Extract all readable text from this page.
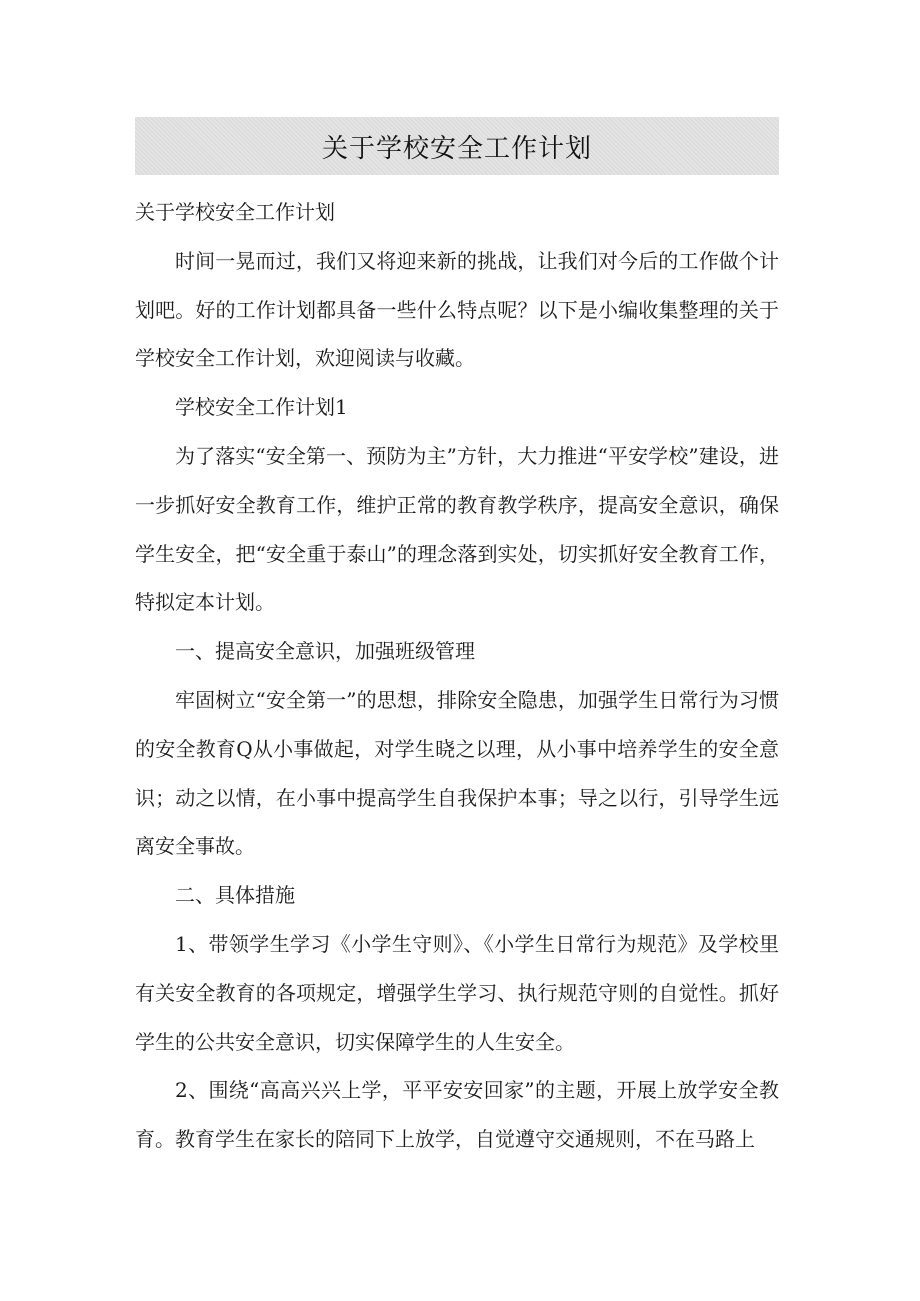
关于学校安全工作计划

关于学校安全工作计划

时间一晃而过，我们又将迎来新的挑战，让我们对今后的工作做个计划吧。好的工作计划都具备一些什么特点呢？以下是小编收集整理的关于学校安全工作计划，欢迎阅读与收藏。

学校安全工作计划1

为了落实“安全第一、预防为主”方针，大力推进“平安学校”建设，进一步抓好安全教育工作，维护正常的教育教学秩序，提高安全意识，确保学生安全，把“安全重于泰山”的理念落到实处，切实抓好安全教育工作，特拟定本计划。

一、提高安全意识，加强班级管理

牢固树立“安全第一”的思想，排除安全隐患，加强学生日常行为习惯的安全教育Q从小事做起，对学生晓之以理，从小事中培养学生的安全意识；动之以情，在小事中提高学生自我保护本事；导之以行，引导学生远离安全事故。

二、具体措施

1、带领学生学习《小学生守则》、《小学生日常行为规范》及学校里有关安全教育的各项规定，增强学生学习、执行规范守则的自觉性。抓好学生的公共安全意识，切实保障学生的人生安全。

2、围绕“高高兴兴上学，平平安安回家”的主题，开展上放学安全教育。教育学生在家长的陪同下上放学，自觉遵守交通规则，不在马路上
